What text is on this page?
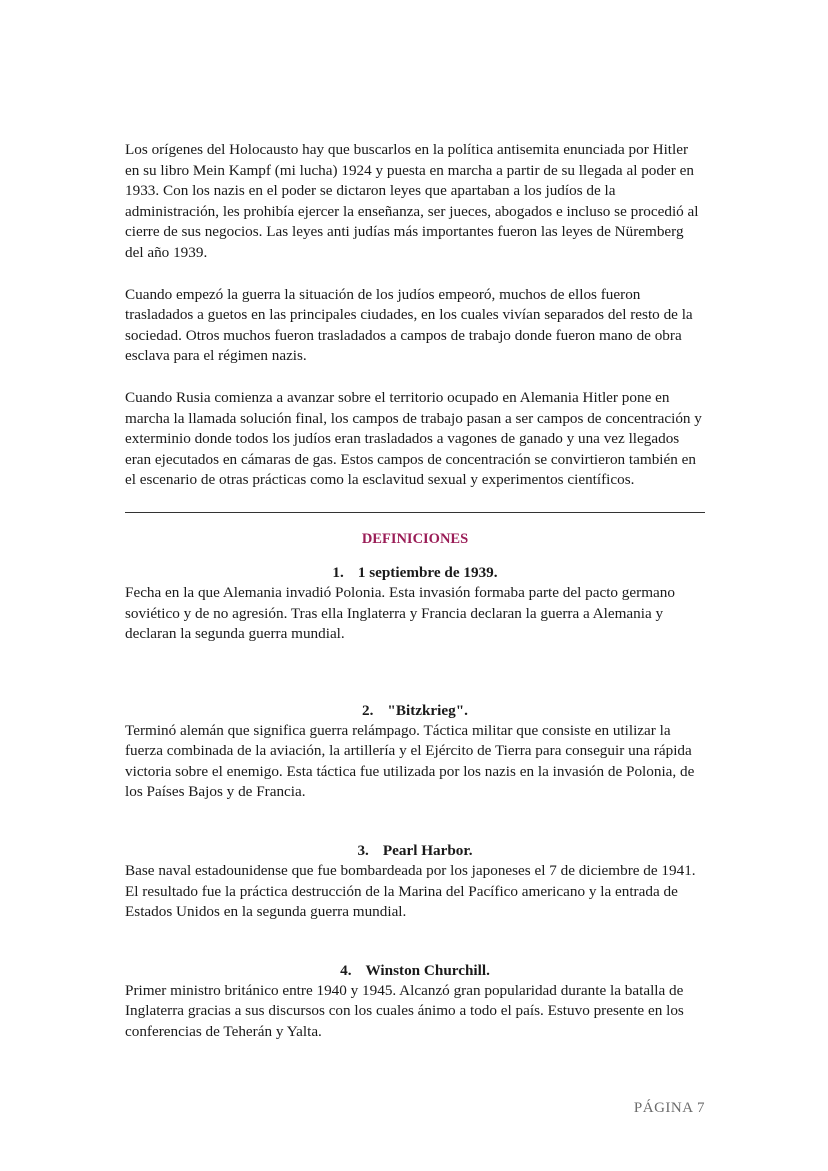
Los orígenes del Holocausto hay que buscarlos en la política antisemita enunciada por Hitler en su libro Mein Kampf (mi lucha) 1924 y puesta en marcha a partir de su llegada al poder en 1933. Con los nazis en el poder se dictaron leyes que apartaban a los judíos de la administración, les prohibía ejercer la enseñanza, ser jueces, abogados e incluso se procedió al cierre de sus negocios. Las leyes anti judías más importantes fueron las leyes de Nüremberg del año 1939.

Cuando empezó la guerra la situación de los judíos empeoró, muchos de ellos fueron trasladados a guetos en las principales ciudades, en los cuales vivían separados del resto de la sociedad. Otros muchos fueron trasladados a campos de trabajo donde fueron mano de obra esclava para el régimen nazis.

Cuando Rusia comienza a avanzar sobre el territorio ocupado en Alemania Hitler pone en marcha la llamada solución final, los campos de trabajo pasan a ser campos de concentración y exterminio donde todos los judíos eran trasladados a vagones de ganado y una vez llegados eran ejecutados en cámaras de gas. Estos campos de concentración se convirtieron también en el escenario de otras prácticas como la esclavitud sexual y experimentos científicos.

DEFINICIONES
1. 1 septiembre de 1939.

Fecha en la que Alemania invadió Polonia. Esta invasión formaba parte del pacto germano soviético y de no agresión. Tras ella Inglaterra y Francia declaran la guerra a Alemania y declaran la segunda guerra mundial.

2. "Bitzkrieg".

Terminó alemán que significa guerra relámpago. Táctica militar que consiste en utilizar la fuerza combinada de la aviación, la artillería y el Ejército de Tierra para conseguir una rápida victoria sobre el enemigo. Esta táctica fue utilizada por los nazis en la invasión de Polonia, de los Países Bajos y de Francia.

3. Pearl Harbor.

Base naval estadounidense que fue bombardeada por los japoneses el 7 de diciembre de 1941. El resultado fue la práctica destrucción de la Marina del Pacífico americano y la entrada de Estados Unidos en la segunda guerra mundial.

4. Winston Churchill.

Primer ministro británico entre 1940 y 1945. Alcanzó gran popularidad durante la batalla de Inglaterra gracias a sus discursos con los cuales ánimo a todo el país. Estuvo presente en los conferencias de Teherán y Yalta.

PÁGINA 7
